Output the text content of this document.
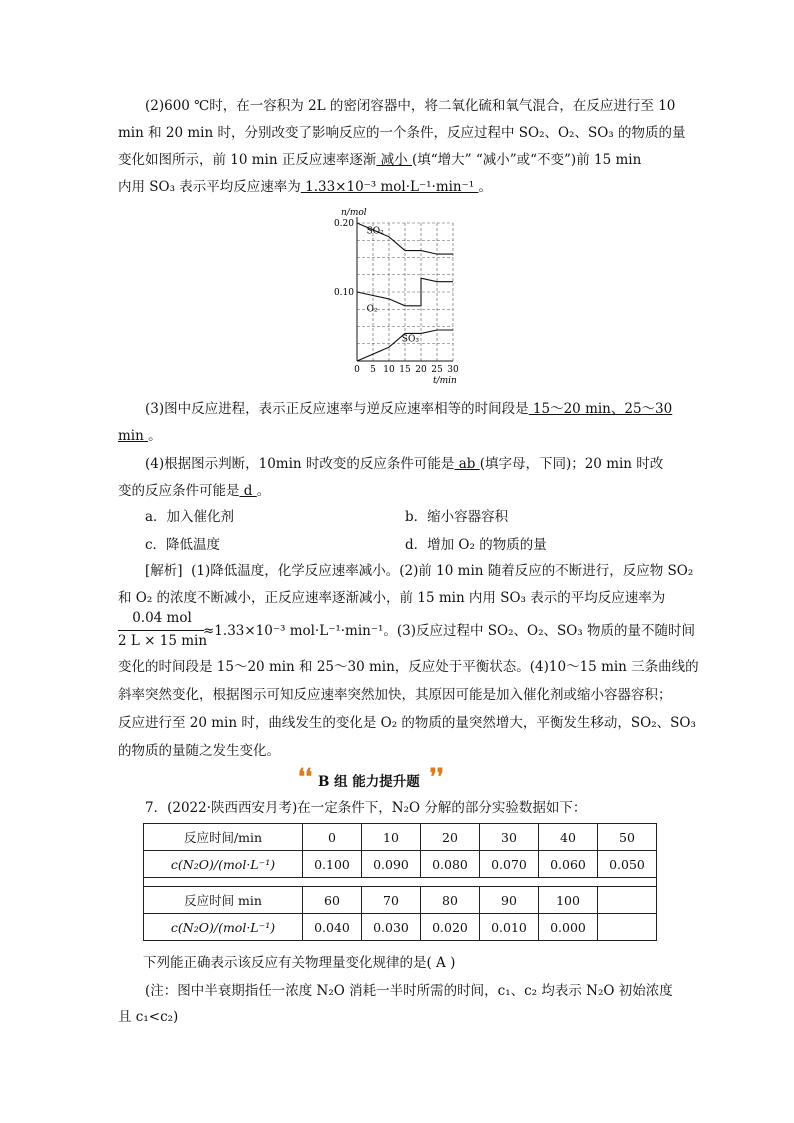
(2)600 ℃时，在一容积为 2L 的密闭容器中，将二氧化硫和氧气混合，在反应进行至 10
min 和 20 min 时，分别改变了影响反应的一个条件，反应过程中 SO₂、O₂、SO₃ 的物质的量
变化如图所示，前 10 min 正反应速率逐渐 减小 (填“增大” “减小”或“不变”)前 15 min
内用 SO₃ 表示平均反应速率为 1.33×10⁻³ mol·L⁻¹·min⁻¹ 。
0 5 10 15 20 25 30
0.10
0.20
n/mol
t/min
SO₂
O₂
SO₃
(3)图中反应进程，表示正反应速率与逆反应速率相等的时间段是 15～20 min、25～30
min 。
(4)根据图示判断，10min 时改变的反应条件可能是 ab (填字母，下同)；20 min 时改
变的反应条件可能是 d 。
a．加入催化剂	b．缩小容器容积
c．降低温度	d．增加 O₂ 的物质的量
[解析] (1)降低温度，化学反应速率减小。(2)前 10 min 随着反应的不断进行，反应物 SO₂
和 O₂ 的浓度不断减小，正反应速率逐渐减小，前 15 min 内用 SO₃ 表示的平均反应速率为
0.04 mol
2 L × 15 min
≈1.33×10⁻³ mol·L⁻¹·min⁻¹。(3)反应过程中 SO₂、O₂、SO₃ 物质的量不随时间
变化的时间段是 15～20 min 和 25～30 min，反应处于平衡状态。(4)10～15 min 三条曲线的
斜率突然变化，根据图示可知反应速率突然加快，其原因可能是加入催化剂或缩小容器容积；
反应进行至 20 min 时，曲线发生的变化是 O₂ 的物质的量突然增大，平衡发生移动，SO₂、SO₃
的物质的量随之发生变化。
❛❛ B 组 能力提升题 ❜❜
7．(2022·陕西西安月考)在一定条件下，N₂O 分解的部分实验数据如下：
反应时间/min	0	10	20	30	40	50
c(N₂O)/(mol·L⁻¹)	0.100	0.090	0.080	0.070	0.060	0.050

反应时间 min	60	70	80	90	100	
c(N₂O)/(mol·L⁻¹)	0.040	0.030	0.020	0.010	0.000	
下列能正确表示该反应有关物理量变化规律的是( A )
(注：图中半衰期指任一浓度 N₂O 消耗一半时所需的时间，c₁、c₂ 均表示 N₂O 初始浓度
且 c₁<c₂)
